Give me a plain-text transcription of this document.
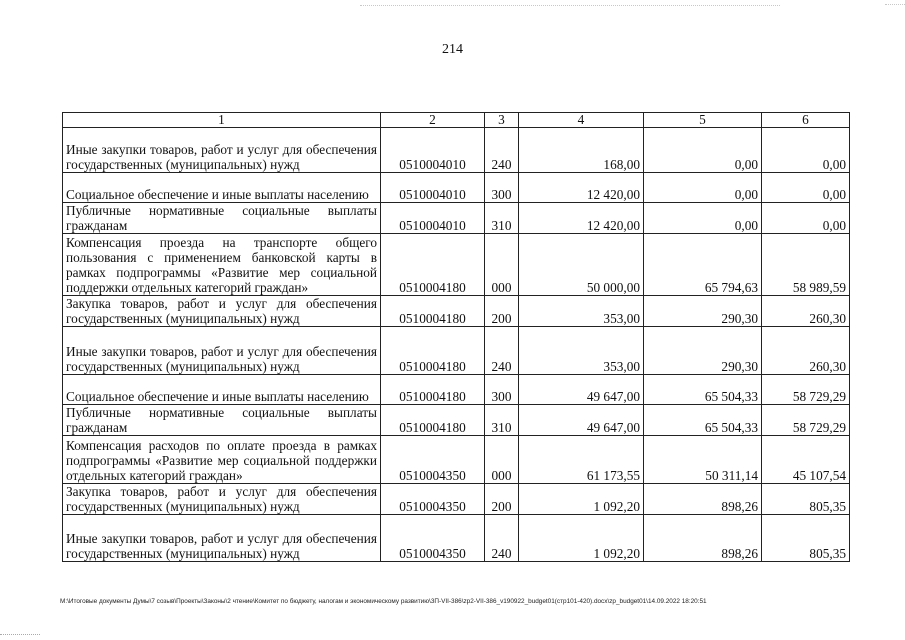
214
1	2	3	4	5	6
Иные закупки товаров, работ и услуг для обеспечения государственных (муниципальных) нужд	0510004010	240	168,00	0,00	0,00
Социальное обеспечение и иные выплаты населению	0510004010	300	12 420,00	0,00	0,00
Публичные нормативные социальные выплаты гражданам	0510004010	310	12 420,00	0,00	0,00
Компенсация проезда на транспорте общего пользования с применением банковской карты в рамках подпрограммы «Развитие мер социальной поддержки отдельных категорий граждан»	0510004180	000	50 000,00	65 794,63	58 989,59
Закупка товаров, работ и услуг для обеспечения государственных (муниципальных) нужд	0510004180	200	353,00	290,30	260,30
Иные закупки товаров, работ и услуг для обеспечения государственных (муниципальных) нужд	0510004180	240	353,00	290,30	260,30
Социальное обеспечение и иные выплаты населению	0510004180	300	49 647,00	65 504,33	58 729,29
Публичные нормативные социальные выплаты гражданам	0510004180	310	49 647,00	65 504,33	58 729,29
Компенсация расходов по оплате проезда в рамках подпрограммы «Развитие мер социальной поддержки отдельных категорий граждан»	0510004350	000	61 173,55	50 311,14	45 107,54
Закупка товаров, работ и услуг для обеспечения государственных (муниципальных) нужд	0510004350	200	1 092,20	898,26	805,35
Иные закупки товаров, работ и услуг для обеспечения государственных (муниципальных) нужд	0510004350	240	1 092,20	898,26	805,35
M:\Итоговые документы Думы\7 созыв\Проекты\Законы\2 чтение\Комитет по бюджету, налогам и экономическому развитию\3П-VII-386\zp2-VII-386_v190922_budget01(стр101-420).docx\zp_budget01\14.09.2022 18:20:51
